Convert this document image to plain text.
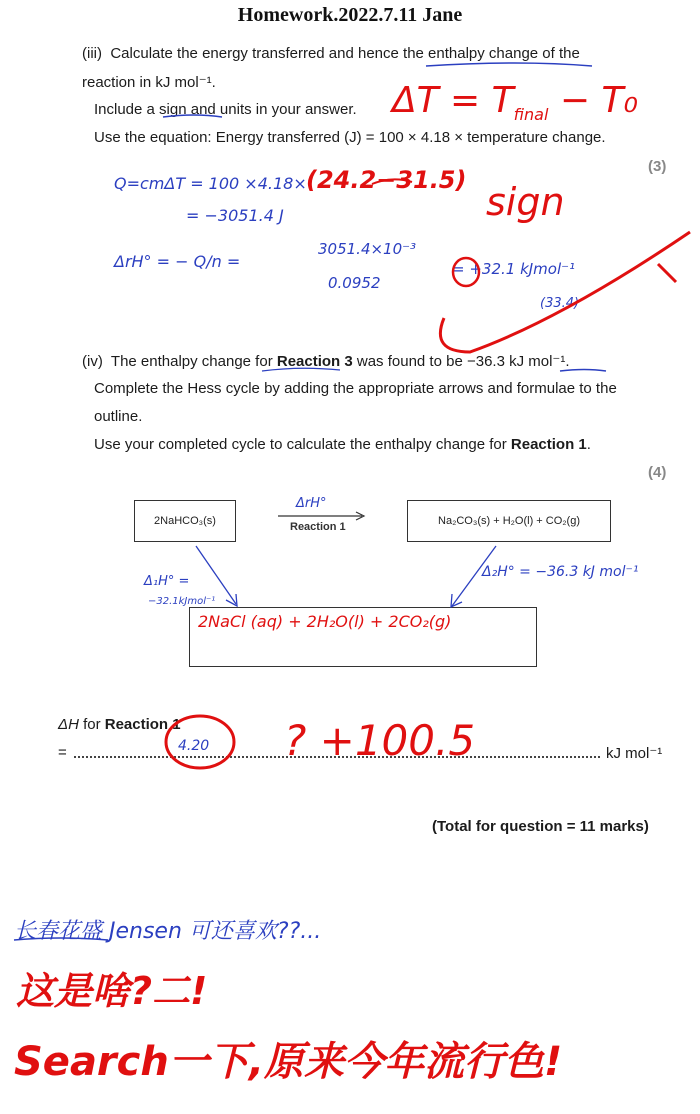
Homework.2022.7.11 Jane
(iii) Calculate the energy transferred and hence the enthalpy change of the
reaction in kJ mol⁻¹.
Include a sign and units in your answer.
Use the equation: Energy transferred (J) = 100 × 4.18 × temperature change.
(3)
$\Delta T = T_{final} - T_0$
Q=cmΔT = 100 ×4.18× (24.2−31.5)
= −3051.4 J	sign
ΔrH° = − Q/n =
3051.4×10⁻³
0.0952
= +32.1 kJmol⁻¹
(33.4)
(iv) The enthalpy change for Reaction 3 was found to be −36.3 kJ mol⁻¹.
Complete the Hess cycle by adding the appropriate arrows and formulae to the
outline.
Use your completed cycle to calculate the enthalpy change for Reaction 1.
(4)
2NaHCO₃(s)	Na₂CO₃(s) + H₂O(l) + CO₂(g)
Reaction 1
ΔrH°
2NaCl (aq) + 2H₂O(l) + 2CO₂(g)
Δ₁H° =
−32.1kJmol⁻¹
Δ₂H° = −36.3 kJ mol⁻¹
ΔH for Reaction 1
=	4.20 ? +100.5	kJ mol⁻¹
(Total for question = 11 marks)
长春花盛 Jensen 可还喜欢??...
这是啥?二!
Search一下,原来今年流行色!
